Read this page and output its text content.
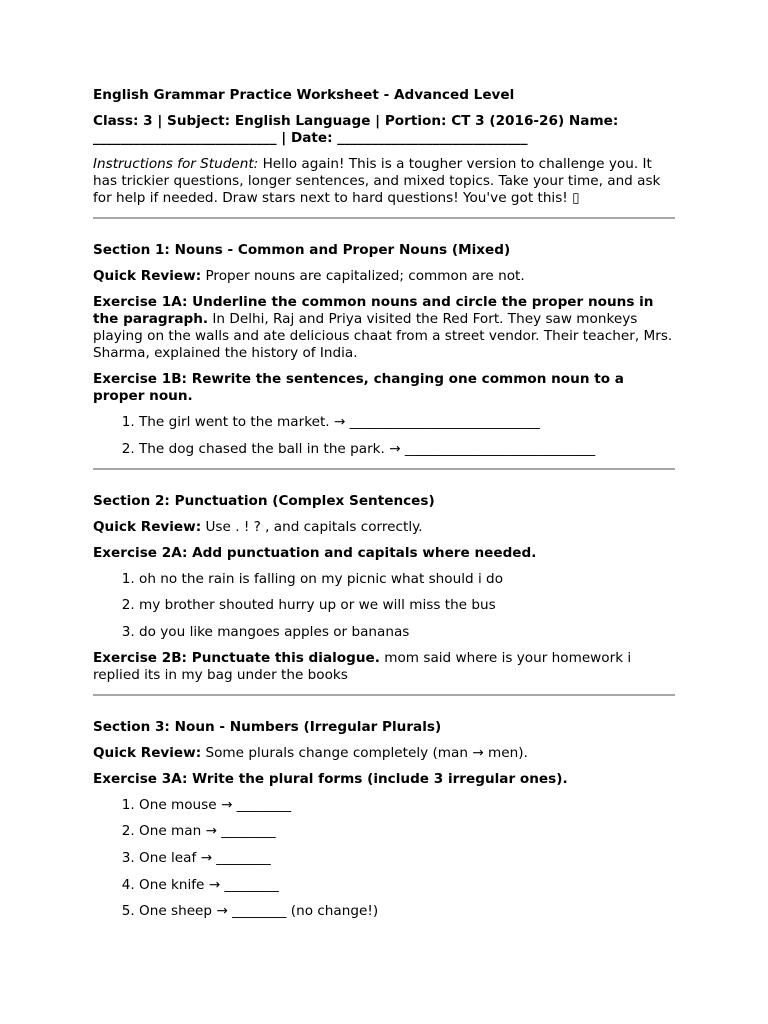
English Grammar Practice Worksheet - Advanced Level

Class: 3 | Subject: English Language | Portion: CT 3 (2016-26) Name: ___________________________ | Date: ____________________________

Instructions for Student: Hello again! This is a tougher version to challenge you. It has trickier questions, longer sentences, and mixed topics. Take your time, and ask for help if needed. Draw stars next to hard questions! You've got this! ▯

Section 1: Nouns - Common and Proper Nouns (Mixed)

Quick Review: Proper nouns are capitalized; common are not.

Exercise 1A: Underline the common nouns and circle the proper nouns in the paragraph. In Delhi, Raj and Priya visited the Red Fort. They saw monkeys playing on the walls and ate delicious chaat from a street vendor. Their teacher, Mrs. Sharma, explained the history of India.

Exercise 1B: Rewrite the sentences, changing one common noun to a proper noun.

1. The girl went to the market. → ____________________________
2. The dog chased the ball in the park. → ____________________________

Section 2: Punctuation (Complex Sentences)

Quick Review: Use . ! ? , and capitals correctly.

Exercise 2A: Add punctuation and capitals where needed.

1. oh no the rain is falling on my picnic what should i do
2. my brother shouted hurry up or we will miss the bus
3. do you like mangoes apples or bananas

Exercise 2B: Punctuate this dialogue. mom said where is your homework i replied its in my bag under the books

Section 3: Noun - Numbers (Irregular Plurals)

Quick Review: Some plurals change completely (man → men).

Exercise 3A: Write the plural forms (include 3 irregular ones).

1. One mouse → ________
2. One man → ________
3. One leaf → ________
4. One knife → ________
5. One sheep → ________ (no change!)
